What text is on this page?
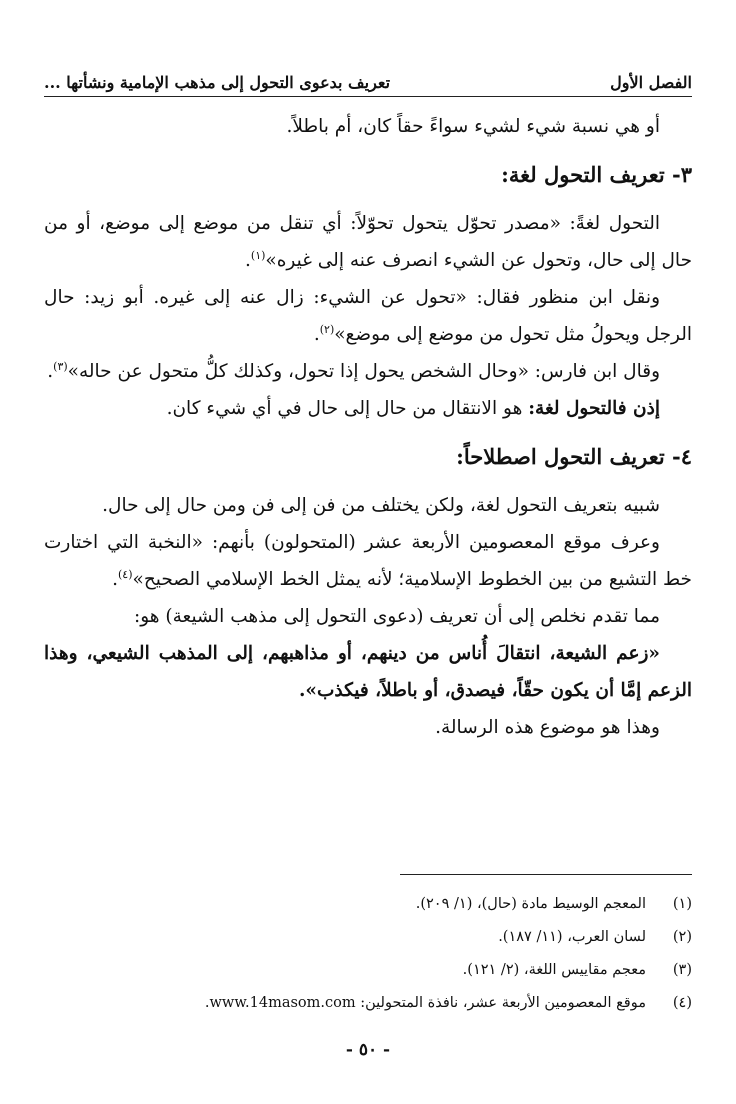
الفصل الأول
تعريف بدعوى التحول إلى مذهب الإمامية ونشأتها ...

أو هي نسبة شيء لشيء سواءً حقاً كان، أم باطلاً.

٣- تعريف التحول لغة:

التحول لغةً: «مصدر تحوّل يتحول تحوّلاً: أي تنقل من موضع إلى موضع، أو من حال إلى حال، وتحول عن الشيء انصرف عنه إلى غيره»$^{(١)}$.

ونقل ابن منظور فقال: «تحول عن الشيء: زال عنه إلى غيره. أبو زيد: حال الرجل ويحولُ مثل تحول من موضع إلى موضع»$^{(٢)}$.

وقال ابن فارس: «وحال الشخص يحول إذا تحول، وكذلك كلُّ متحول عن حاله»$^{(٣)}$.

إذن فالتحول لغة: هو الانتقال من حال إلى حال في أي شيء كان.

٤- تعريف التحول اصطلاحاً:

شبيه بتعريف التحول لغة، ولكن يختلف من فن إلى فن ومن حال إلى حال.

وعرف موقع المعصومين الأربعة عشر (المتحولون) بأنهم: «النخبة التي اختارت خط التشيع من بين الخطوط الإسلامية؛ لأنه يمثل الخط الإسلامي الصحيح»$^{(٤)}$.

مما تقدم نخلص إلى أن تعريف (دعوى التحول إلى مذهب الشيعة) هو:

«زعم الشيعة، انتقالَ أُناس من دينهم، أو مذاهبهم، إلى المذهب الشيعي، وهذا الزعم إمَّا أن يكون حقّاً، فيصدق، أو باطلاً، فيكذب».

وهذا هو موضوع هذه الرسالة.

(١)
المعجم الوسيط مادة (حال)، (١/ ٢٠٩).
(٢)
لسان العرب، (١١/ ١٨٧).
(٣)
معجم مقاييس اللغة، (٢/ ١٢١).
(٤)
موقع المعصومين الأربعة عشر، نافذة المتحولين: www.14masom.com.
- ٥٠ -
